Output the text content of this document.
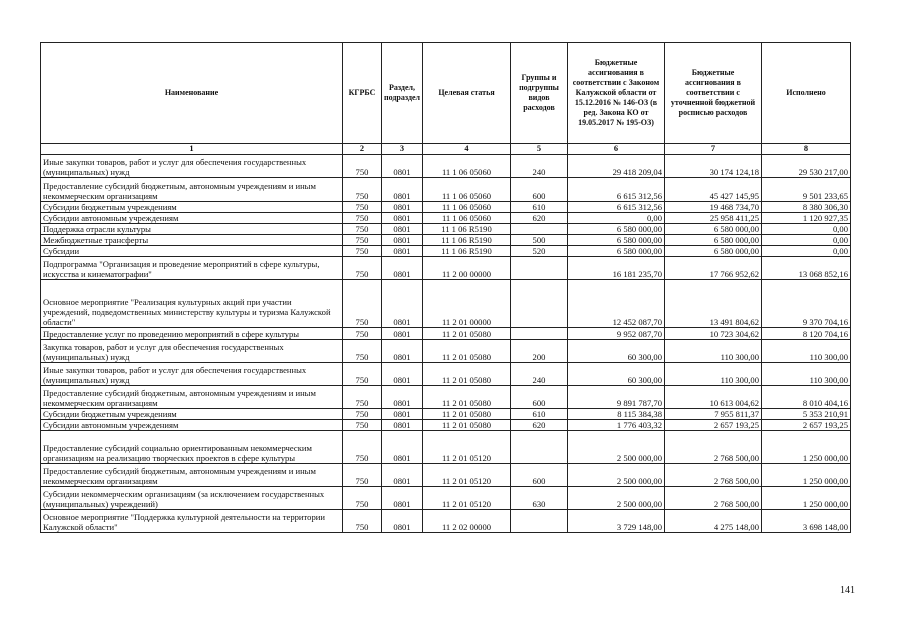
Наименование	КГРБС	Раздел, подраздел	Целевая статья	Группы и подгруппы видов расходов	Бюджетные ассигнования в соответствии с Законом Калужской области от 15.12.2016 № 146-ОЗ (в ред. Закона КО от 19.05.2017 № 195-ОЗ)	Бюджетные ассигнования в соответствии с уточненной бюджетной росписью расходов	Исполнено
1	2	3	4	5	6	7	8
Иные закупки товаров, работ и услуг для обеспечения государственных (муниципальных) нужд	750	0801	11 1 06 05060	240	29 418 209,04	30 174 124,18	29 530 217,00
Предоставление субсидий бюджетным, автономным учреждениям и иным некоммерческим организациям	750	0801	11 1 06 05060	600	6 615 312,56	45 427 145,95	9 501 233,65
Субсидии бюджетным учреждениям	750	0801	11 1 06 05060	610	6 615 312,56	19 468 734,70	8 380 306,30
Субсидии автономным учреждениям	750	0801	11 1 06 05060	620	0,00	25 958 411,25	1 120 927,35
Поддержка отрасли культуры	750	0801	11 1 06 R5190		6 580 000,00	6 580 000,00	0,00
Межбюджетные трансферты	750	0801	11 1 06 R5190	500	6 580 000,00	6 580 000,00	0,00
Субсидии	750	0801	11 1 06 R5190	520	6 580 000,00	6 580 000,00	0,00
Подпрограмма "Организация и проведение мероприятий в сфере культуры, искусства и кинематографии"	750	0801	11 2 00 00000		16 181 235,70	17 766 952,62	13 068 852,16
Основное мероприятие "Реализация культурных акций при участии учреждений, подведомственных министерству культуры и туризма Калужской области"	750	0801	11 2 01 00000		12 452 087,70	13 491 804,62	9 370 704,16
Предоставление услуг по проведению мероприятий в сфере культуры	750	0801	11 2 01 05080		9 952 087,70	10 723 304,62	8 120 704,16
Закупка товаров, работ и услуг для обеспечения государственных (муниципальных) нужд	750	0801	11 2 01 05080	200	60 300,00	110 300,00	110 300,00
Иные закупки товаров, работ и услуг для обеспечения государственных (муниципальных) нужд	750	0801	11 2 01 05080	240	60 300,00	110 300,00	110 300,00
Предоставление субсидий бюджетным, автономным учреждениям и иным некоммерческим организациям	750	0801	11 2 01 05080	600	9 891 787,70	10 613 004,62	8 010 404,16
Субсидии бюджетным учреждениям	750	0801	11 2 01 05080	610	8 115 384,38	7 955 811,37	5 353 210,91
Субсидии автономным учреждениям	750	0801	11 2 01 05080	620	1 776 403,32	2 657 193,25	2 657 193,25
Предоставление субсидий социально ориентированным некоммерческим организациям на реализацию творческих проектов в сфере культуры	750	0801	11 2 01 05120		2 500 000,00	2 768 500,00	1 250 000,00
Предоставление субсидий бюджетным, автономным учреждениям и иным некоммерческим организациям	750	0801	11 2 01 05120	600	2 500 000,00	2 768 500,00	1 250 000,00
Субсидии некоммерческим организациям (за исключением государственных (муниципальных) учреждений)	750	0801	11 2 01 05120	630	2 500 000,00	2 768 500,00	1 250 000,00
Основное мероприятие "Поддержка культурной деятельности на территории Калужской области"	750	0801	11 2 02 00000		3 729 148,00	4 275 148,00	3 698 148,00
141
